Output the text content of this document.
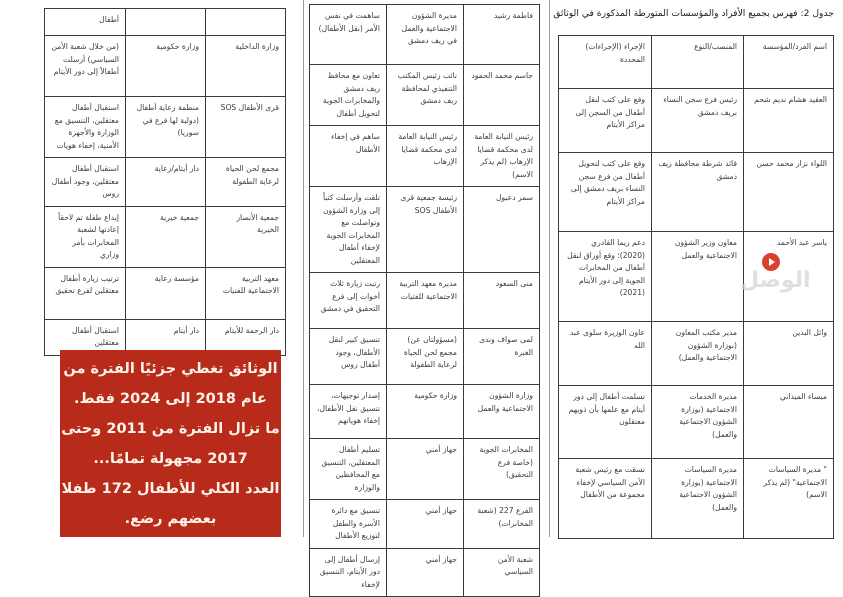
		أطفال
وزارة الداخلية	وزارة حكومية	(من خلال شعبة الأمن السياسي) أرسلت أطفالاً إلى دور الأيتام
قرى الأطفال SOS	منظمة رعاية أطفال (دولية لها فرع في سوريا)	استقبال أطفال معتقلين، التنسيق مع الوزارة والأجهزة الأمنية، إخفاء هويات
مجمع لحن الحياة لرعاية الطفولة	دار أيتام/رعاية	استقبال أطفال معتقلين، وجود أطفال روس
جمعية الأنصار الخيرية	جمعية خيرية	إيداع طفلة تم لاحقاً إعادتها لشعبة المخابرات بأمر وزاري
معهد التربية الاجتماعية للفتيات	مؤسسة رعاية	ترتيب زيارة أطفال معتقلين لفرع تحقيق
دار الرحمة للأيتام	دار أيتام	استقبال أطفال معتقلين
الوثائق تغطي جزئيًا الفترة من
عام 2018 إلى 2024 فقط.
ما تزال الفترة من 2011 وحتى
2017 مجهولة تمامًا...
العدد الكلي للأطفال 172 طفلا
بعضهم رضع.
فاطمة رشيد	مديرة الشؤون الاجتماعية والعمل في ريف دمشق	ساهمت في نفس الأمر (نقل الأطفال)
جاسم محمد الحمود	نائب رئيس المكتب التنفيذي لمحافظة ريف دمشق	تعاون مع محافظ ريف دمشق والمخابرات الجوية لتحويل أطفال
رئيس النيابة العامة لدى محكمة قضايا الإرهاب (لم يذكر الاسم)	رئيس النيابة العامة لدى محكمة قضايا الإرهاب	ساهم في إخفاء الأطفال
سمر دعبول	رئيسة جمعية قرى الأطفال SOS	تلقت وأرسلت كتباً إلى وزارة الشؤون وتواصلت مع المخابرات الجوية لإخفاء أطفال المعتقلين
منى السعود	مديرة معهد التربية الاجتماعية للفتيات	رتبت زيارة ثلاث أخوات إلى فرع التحقيق في دمشق
لمى صواف وندى الغبرة	(مسؤولتان عن) مجمع لحن الحياة لرعاية الطفولة	تنسيق كبير لنقل الأطفال، وجود أطفال روس
وزارة الشؤون الاجتماعية والعمل	وزارة حكومية	إصدار توجيهات، تنسيق نقل الأطفال، إخفاء هوياتهم
المخابرات الجوية (خاصة فرع التحقيق)	جهاز أمني	تسليم أطفال المعتقلين، التنسيق مع المحافظين والوزارة
الفرع 227 (شعبة المخابرات)	جهاز أمني	تنسيق مع دائرة الأسرة والطفل لتوزيع الأطفال
شعبة الأمن السياسي	جهاز أمني	إرسال أطفال إلى دور الأيتام، التنسيق لإخفاء
جدول 2: فهرس بجميع الأفراد والمؤسسات المتورطة المذكورة في الوثائق
اسم الفرد/المؤسسة	المنصب/النوع	الإجراء (الإجراءات) المحددة
العقيد هشام نديم شحم	رئيس فرع سجن النساء بريف دمشق	وقع على كتب لنقل أطفال من السجن إلى مراكز الأيتام
اللواء نزار محمد حسن	قائد شرطة محافظة ريف دمشق	وقع على كتب لتحويل أطفال من فرع سجن النساء بريف دمشق إلى مراكز الأيتام
ياسر عبد الأحمد	معاون وزير الشؤون الاجتماعية والعمل	دعم ريما القادري (2020)؛ وقع أوراق لنقل أطفال من المخابرات الجوية إلى دور الأيتام (2021)
وائل البدين	مدير مكتب المعاون (بوزارة الشؤون الاجتماعية والعمل)	عاون الوزيرة سلوى عبد الله
ميساء الميداني	مديرة الخدمات الاجتماعية (بوزارة الشؤون الاجتماعية والعمل)	تسلمت أطفال إلى دور أيتام مع علمها بأن ذويهم معتقلون
" مديرة السياسات الاجتماعية" (لم يذكر الاسم)	مديرة السياسات الاجتماعية (بوزارة الشؤون الاجتماعية والعمل)	نسقت مع رئيس شعبة الأمن السياسي لإخفاء مجموعة من الأطفال
الوصل
